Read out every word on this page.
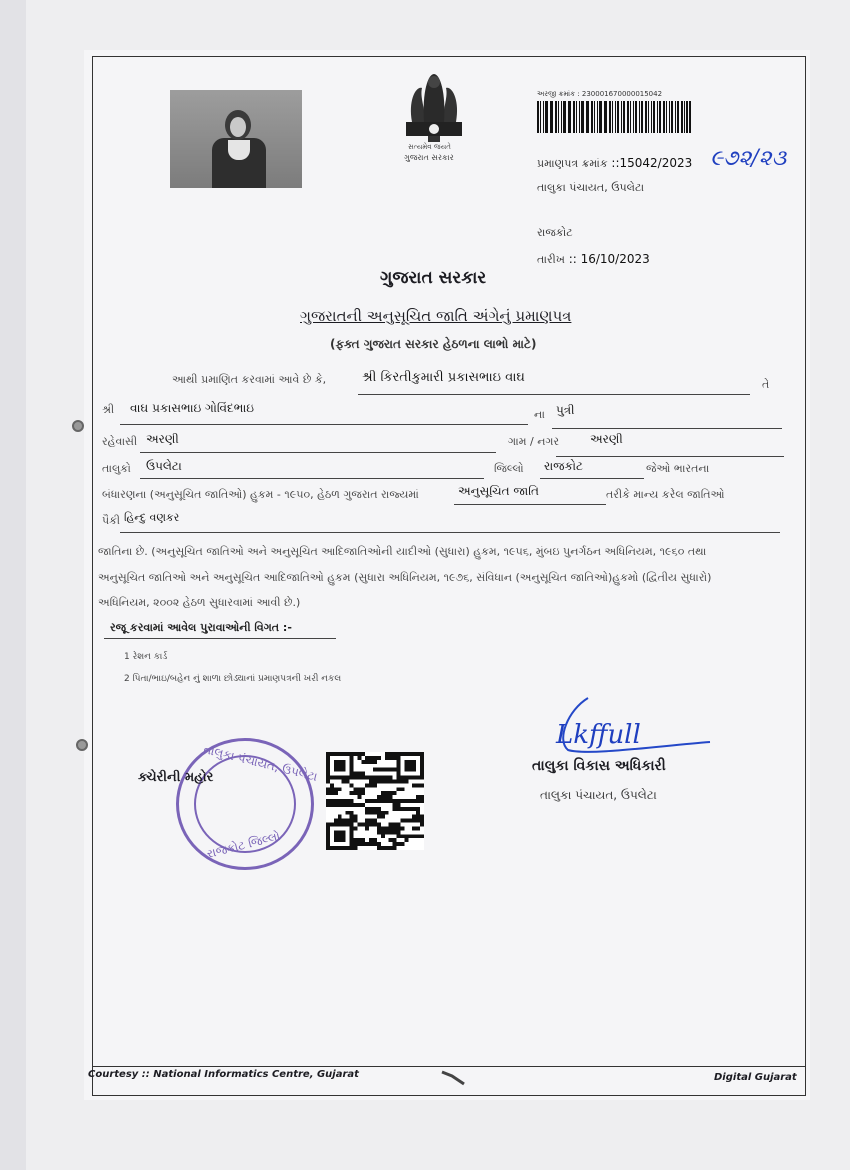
સત્યમેવ જયતે
ગુજરાત સરકાર
અરજી ક્રમાંક : 230001670000015042
પ્રમાણપત્ર ક્રમાંક ::15042/2023 ૯૭૨/૨૩
તાલુકા પંચાયત, ઉપલેટા
રાજકોટ
તારીખ :: 16/10/2023
ગુજરાત સરકાર
ગુજરાતની અનુસૂચિત જાતિ અંગેનું પ્રમાણપત્ર
(ફક્ત ગુજરાત સરકાર હેઠળના લાભો માટે)
આથી પ્રમાણિત કરવામાં આવે છે કે,	શ્રી કિરતીકુમારી પ્રકાસભાઇ વાઘ	તે
શ્રી વાઘ પ્રકાસભાઇ ગોવિંદભાઇ	ના પુત્રી
રહેવાસી અરણી	ગામ / નગર	અરણી
તાલુકો ઉપલેટા	જિલ્લો રાજકોટ	જેઓ ભારતના
બંધારણના (અનુસૂચિત જાતિઓ) હુકમ - ૧૯૫૦, હેઠળ ગુજરાત રાજ્યમાં	અનુસૂચિત જાતિ	તરીકે માન્ય કરેલ જાતિઓ
પૈકી હિન્દુ વણકર
જાતિના છે. (અનુસૂચિત જાતિઓ અને અનુસૂચિત આદિજાતિઓની યાદીઓ (સુધારા) હુકમ, ૧૯૫૬, મુંબઇ પુનર્ગઠન અધિનિયમ, ૧૯૬૦ તથા
અનુસૂચિત જાતિઓ અને અનુસૂચિત આદિજાતિઓ હુકમ (સુધારા અધિનિયમ, ૧૯૭૬, સંવિધાન (અનુસૂચિત જાતિઓ)હુકમો (દ્વિતીય સુધારો)
અધિનિયમ, ૨૦૦૨ હેઠળ સુધારવામાં આવી છે.)
રજૂ કરવામાં આવેલ પુરાવાઓની વિગત :-
1 રેશન કાર્ડ
2 પિતા/ભાઇ/બહેન નું શાળા છોડ્યાનાં પ્રમાણપત્રની ખરી નકલ
Lkffull
તાલુકા વિકાસ અધિકારી
તાલુકા પંચાયત, ઉપલેટા
તાલુકા પંચાયત, ઉપલેટા
રાજકોટ જિલ્લો
ક્ચેરીની મહોર
Courtesy :: National Informatics Centre, Gujarat	Digital Gujarat
